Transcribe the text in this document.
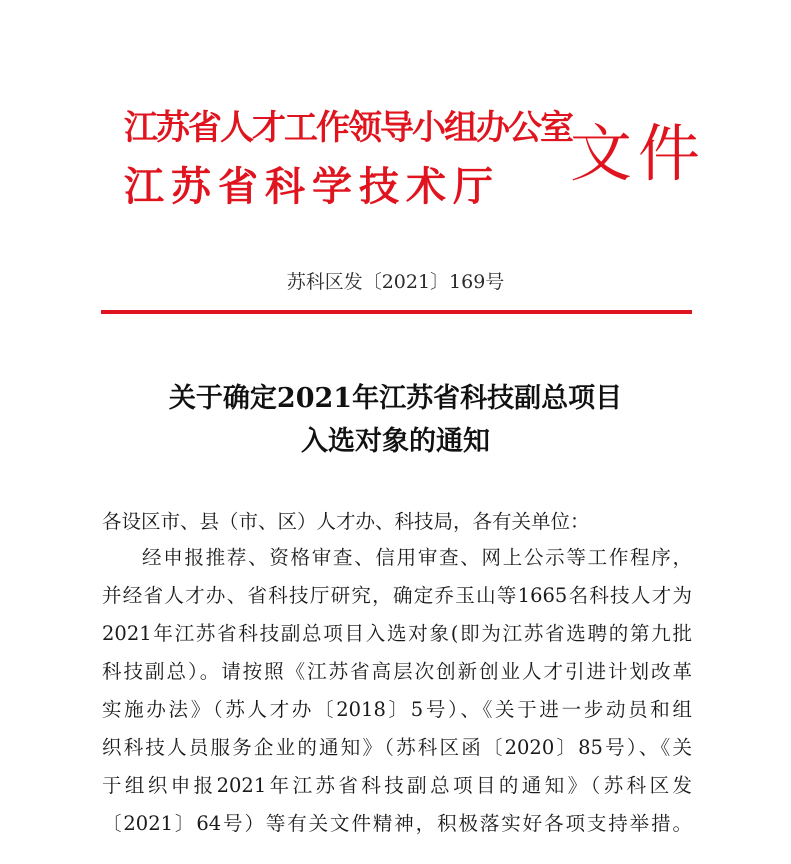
江苏省人才工作领导小组办公室
江苏省科学技术厅	文件
苏科区发〔2021〕169号
关于确定2021年江苏省科技副总项目
入选对象的通知
各设区市、县（市、区）人才办、科技局，各有关单位：
经申报推荐、资格审查、信用审查、网上公示等工作程序，
并经省人才办、省科技厅研究，确定乔玉山等1665名科技人才为
2021年江苏省科技副总项目入选对象(即为江苏省选聘的第九批
科技副总）。请按照《江苏省高层次创新创业人才引进计划改革
实施办法》（苏人才办〔2018〕5号）、《关于进一步动员和组
织科技人员服务企业的通知》（苏科区函〔2020〕85号）、《关
于组织申报2021年江苏省科技副总项目的通知》（苏科区发
〔2021〕64号）等有关文件精神，积极落实好各项支持举措。
